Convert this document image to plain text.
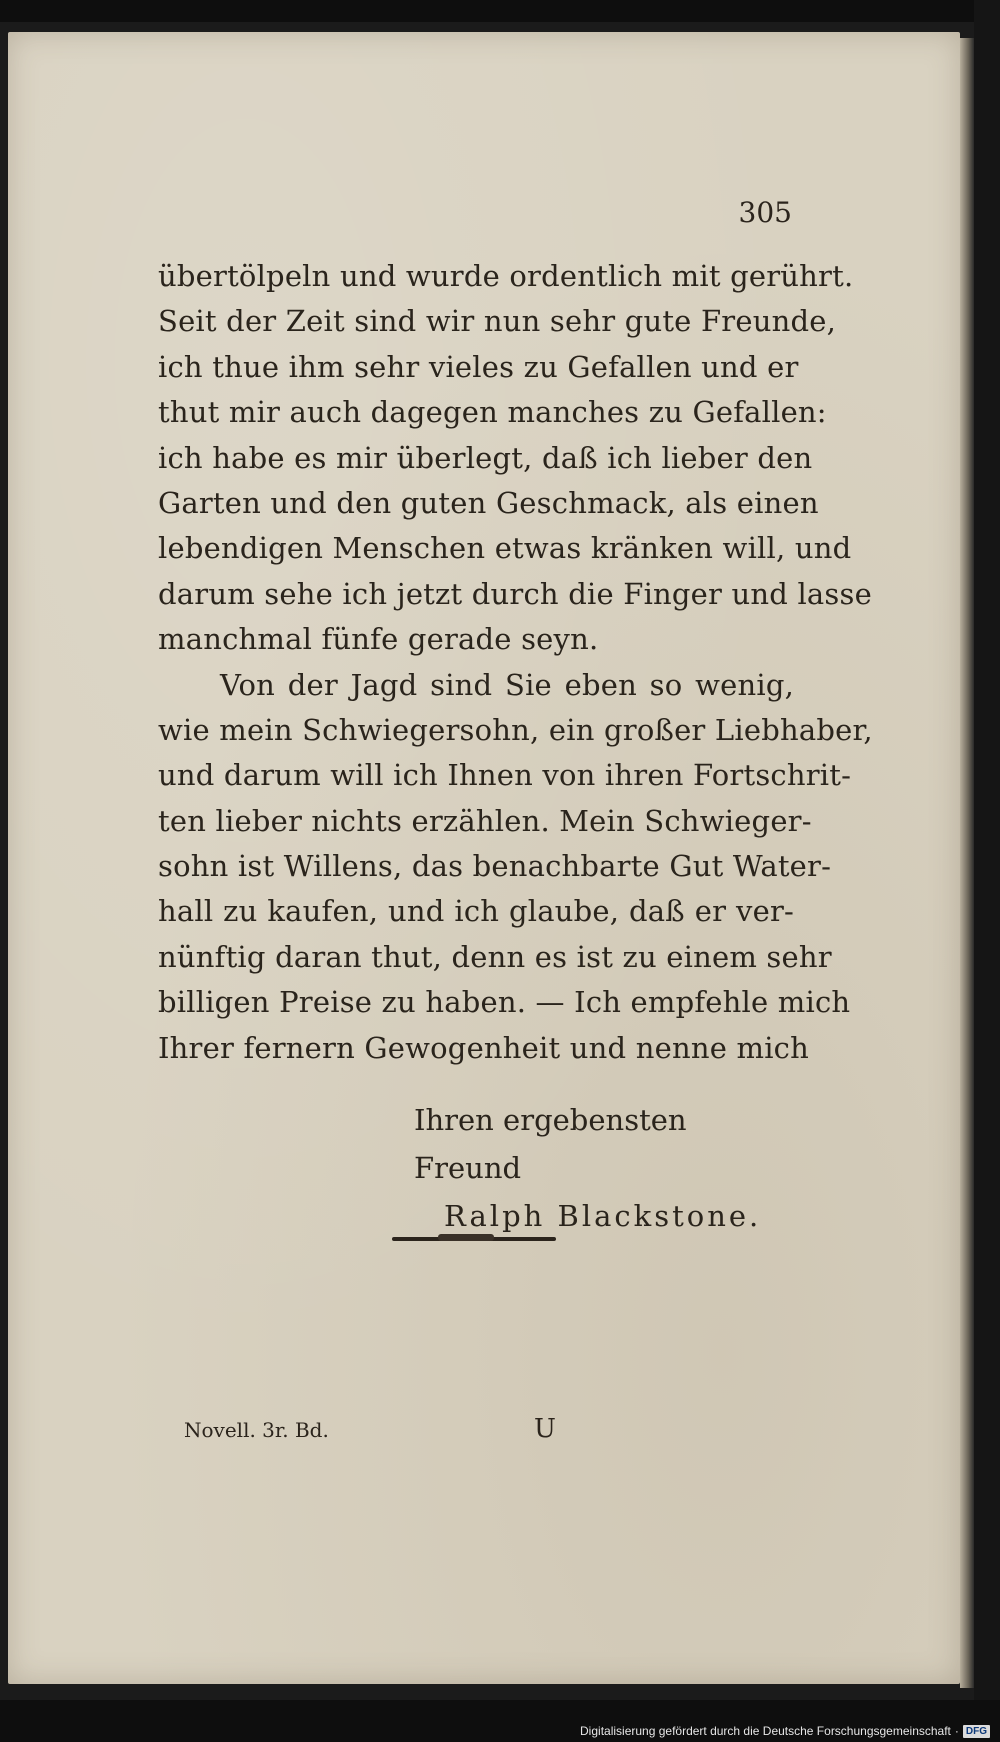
305
übertölpeln und wurde ordentlich mit gerührt.
Seit der Zeit sind wir nun sehr gute Freunde,
ich thue ihm sehr vieles zu Gefallen und er
thut mir auch dagegen manches zu Gefallen:
ich habe es mir überlegt, daß ich lieber den
Garten und den guten Geschmack, als einen
lebendigen Menschen etwas kränken will, und
darum sehe ich jetzt durch die Finger und lasse
manchmal fünfe gerade seyn.
Von der Jagd sind Sie eben so wenig,
wie mein Schwiegersohn, ein großer Liebhaber,
und darum will ich Ihnen von ihren Fortschrit-
ten lieber nichts erzählen. Mein Schwieger-
sohn ist Willens, das benachbarte Gut Water-
hall zu kaufen, und ich glaube, daß er ver-
nünftig daran thut, denn es ist zu einem sehr
billigen Preise zu haben. — Ich empfehle mich
Ihrer fernern Gewogenheit und nenne mich
Ihren ergebensten Freund
Ralph Blackstone.
Novell. 3r. Bd.	U
Digitalisierung gefördert durch die Deutsche Forschungsgemeinschaft · DFG
